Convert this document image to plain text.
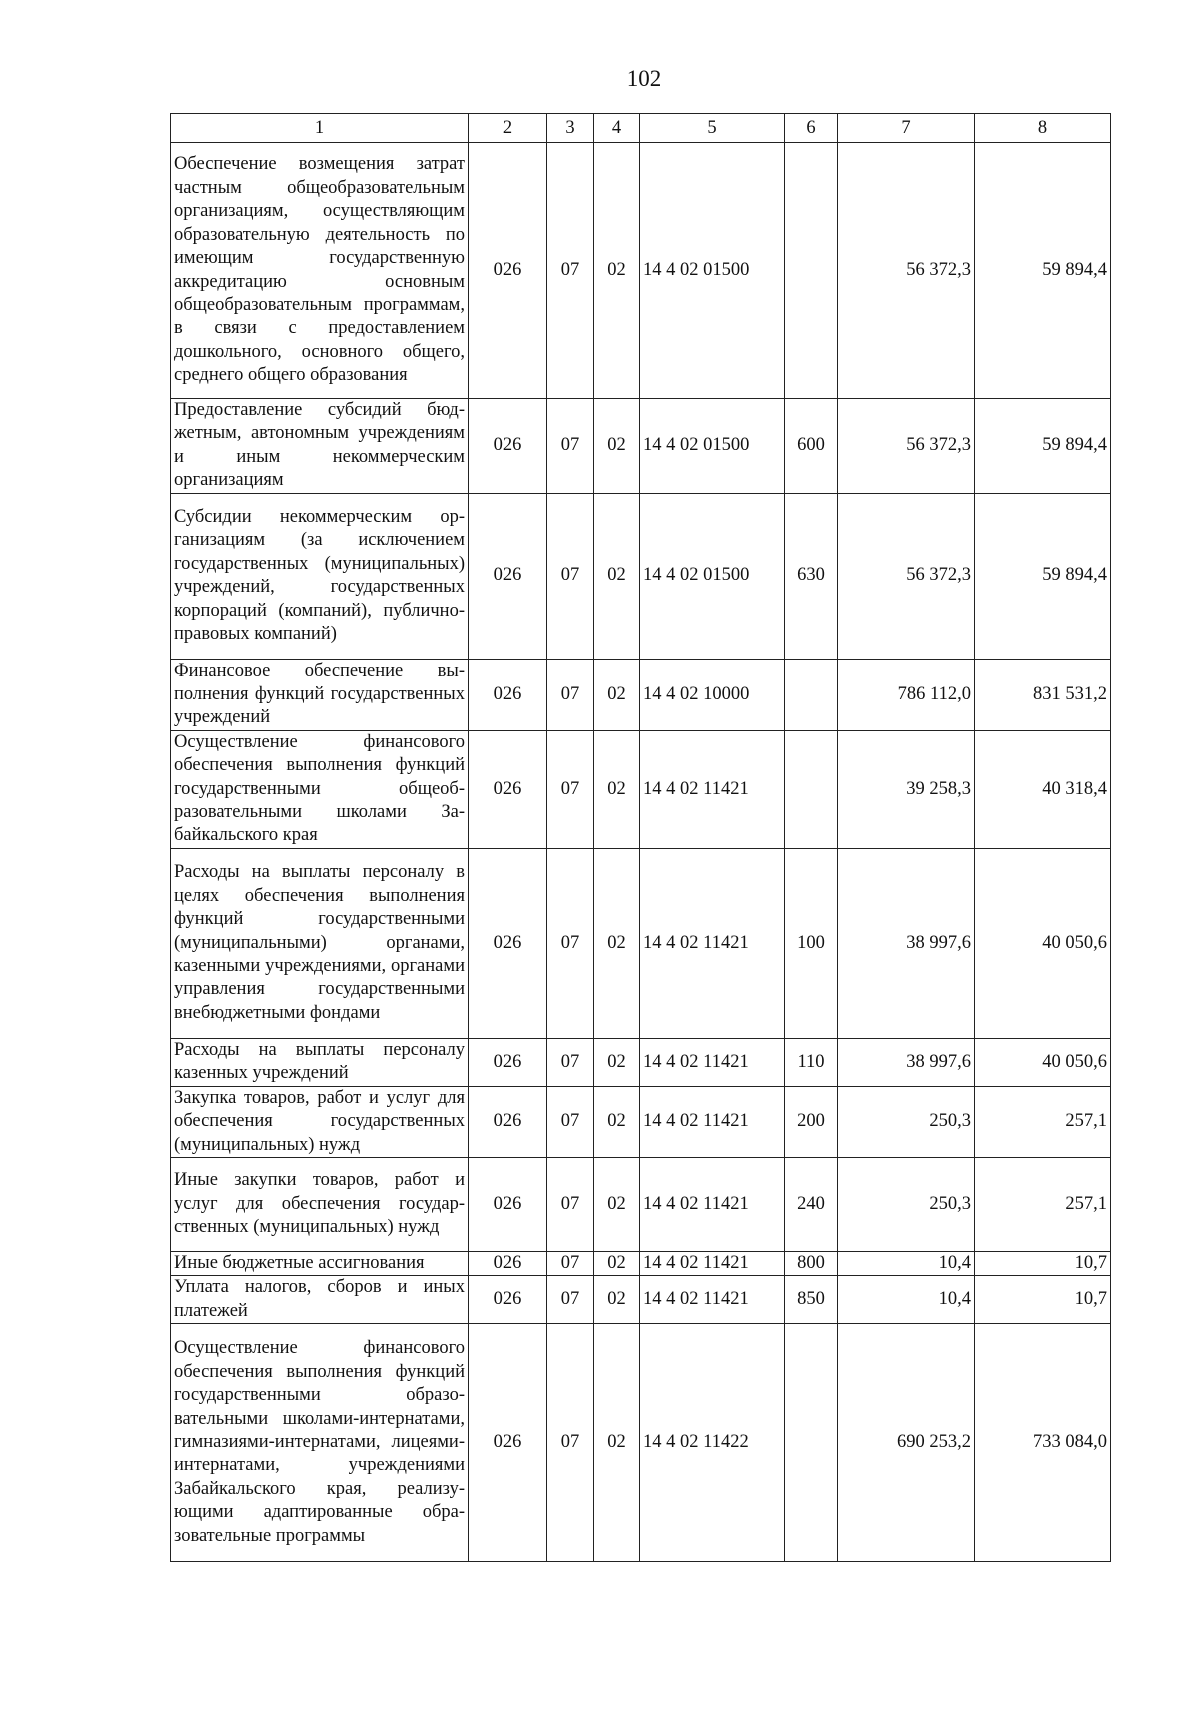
102
1	2	3	4	5	6	7	8
Обеспечение возмещения затрат частным общеобразовательным организациям, осуществляющим образовательную деятельность по имеющим государственную аккредитацию основным общеобразовательным программам, в связи с предоставлением дошкольного, основного общего, среднего общего образования	026	07	02	14 4 02 01500		56 372,3	59 894,4
Предоставление субсидий бюджетным, автономным учреждениям и иным некоммерческим организациям	026	07	02	14 4 02 01500	600	56 372,3	59 894,4
Субсидии некоммерческим организациям (за исключением государственных (муниципальных) учреждений, государственных корпораций (компаний), публично-правовых компаний)	026	07	02	14 4 02 01500	630	56 372,3	59 894,4
Финансовое обеспечение выполнения функций государственных учреждений	026	07	02	14 4 02 10000		786 112,0	831 531,2
Осуществление финансового обеспечения выполнения функций государственными общеобразовательными школами Забайкальского края	026	07	02	14 4 02 11421		39 258,3	40 318,4
Расходы на выплаты персоналу в целях обеспечения выполнения функций государственными (муниципальными) органами, казенными учреждениями, органами управления государственными внебюджетными фондами	026	07	02	14 4 02 11421	100	38 997,6	40 050,6
Расходы на выплаты персоналу казенных учреждений	026	07	02	14 4 02 11421	110	38 997,6	40 050,6
Закупка товаров, работ и услуг для обеспечения государственных (муниципальных) нужд	026	07	02	14 4 02 11421	200	250,3	257,1
Иные закупки товаров, работ и услуг для обеспечения государственных (муниципальных) нужд	026	07	02	14 4 02 11421	240	250,3	257,1
Иные бюджетные ассигнования	026	07	02	14 4 02 11421	800	10,4	10,7
Уплата налогов, сборов и иных платежей	026	07	02	14 4 02 11421	850	10,4	10,7
Осуществление финансового обеспечения выполнения функций государственными образовательными школами-интернатами, гимназиями-интернатами, лицеями-интернатами, учреждениями Забайкальского края, реализующими адаптированные образовательные программы	026	07	02	14 4 02 11422		690 253,2	733 084,0
